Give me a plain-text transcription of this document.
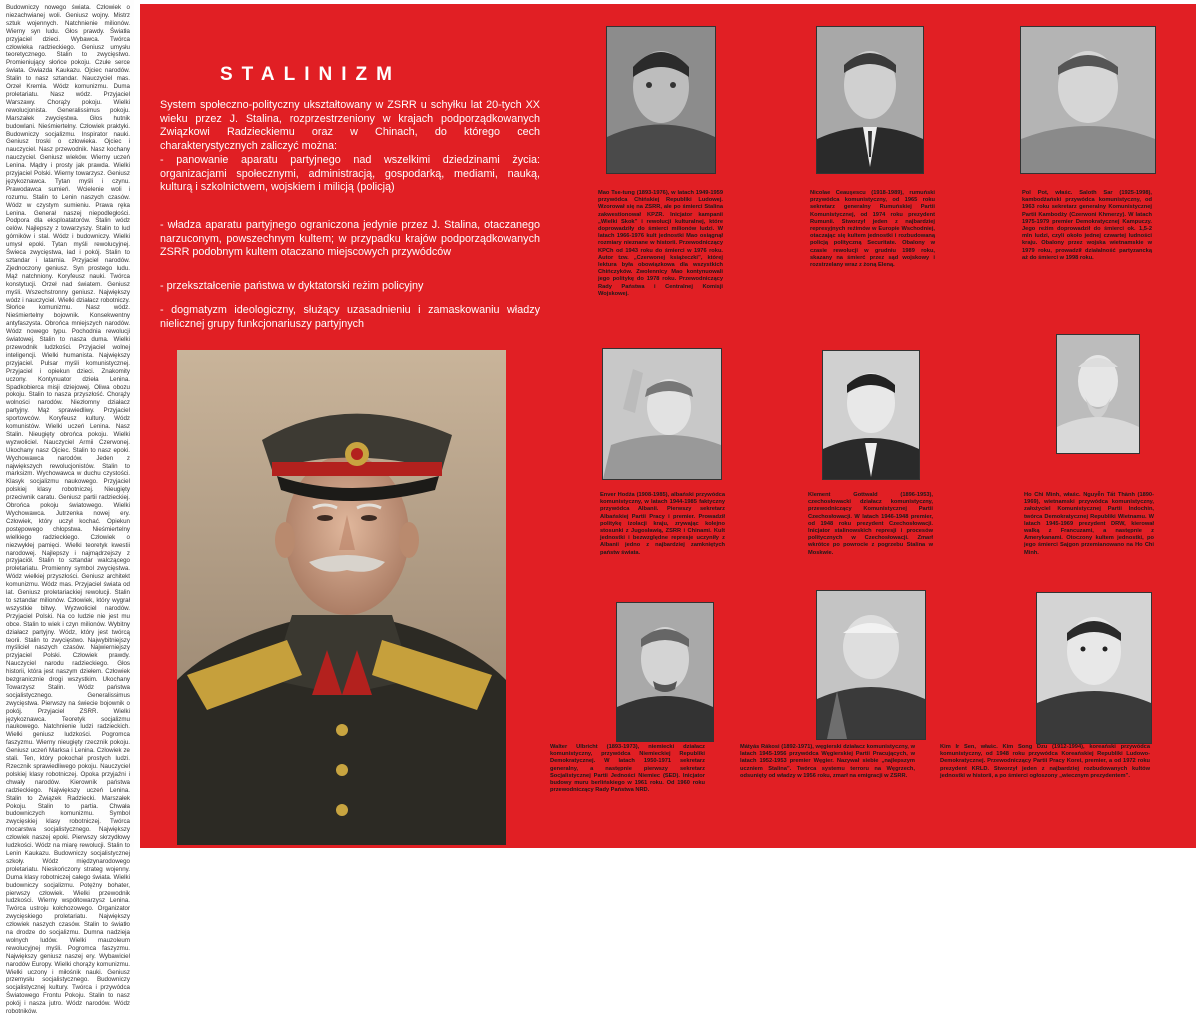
Budowniczy nowego świata. Człowiek o niezachwianej woli. Geniusz wojny. Mistrz sztuk wojennych. Natchnienie milionów. Wierny syn ludu. Głos prawdy. Światła przyjaciel dzieci. Wybawca. Twórca człowieka radzieckiego. Geniusz umysłu teoretycznego. Stalin to zwycięstwo. Promieniujący słońce pokoju. Czułe serce świata. Gwiazda Kaukazu. Ojciec narodów. Stalin to nasz sztandar. Nauczyciel mas. Orzeł Kremla. Wódz komunizmu. Duma proletariatu. Nasz wódz. Przyjaciel Warszawy. Chorąży pokoju. Wielki rewolucjonista. Generalissimus pokoju. Marszałek zwycięstwa. Głos hutnik budowlani. Nieśmiertelny. Człowiek praktyki. Budowniczy socjalizmu. Inspirator nauki. Geniusz troski o człowieka. Ojciec i nauczyciel. Nasz przewodnik. Nasz kochany nauczyciel. Geniusz wieków. Wierny uczeń Lenina. Mądry i prosty jak prawda. Wielki przyjaciel Polski. Wierny towarzysz. Geniusz językoznawca. Tytan myśli i czynu. Prawodawca sumień. Wcielenie woli i rozumu. Stalin to Lenin naszych czasów. Wódz w czystym sumieniu. Prawa ręka Lenina. Generał naszej niepodległości. Podpora dla eksploatatorów. Stalin wódz celów. Najlepszy z towarzyszy. Stalin to lud górników i stal. Wódz i budowniczy. Wielki umysł epoki. Tytan myśli rewolucyjnej. Świeca zwycięstwa, ład i pokój. Stalin to sztandar i latarnia. Przyjaciel narodów. Zjednoczony geniusz. Syn prostego ludu. Mąż natchniony. Koryfeusz nauki. Twórca konstytucji. Orzeł nad światem. Geniusz myśli. Wszechstronny geniusz. Największy wódz i nauczyciel. Wielki działacz robotniczy. Słońce komunizmu. Nasz wódz. Nieśmiertelny bojownik. Konsekwentny antyfaszysta. Obrońca mniejszych narodów. Wódz nowego typu. Pochodnia rewolucji światowej. Stalin to nasza duma. Wielki przewodnik ludzkości. Przyjaciel wolnej inteligencji. Wielki humanista. Największy przyjaciel. Pulsar myśli komunistycznej. Przyjaciel i opiekun dzieci. Znakomity uczony. Kontynuator dzieła Lenina. Spadkobierca misji dziejowej. Oliwa obozu pokoju. Stalin to nasza przyszłość. Chorąży wolności narodów. Niezłomny działacz partyjny. Mąż sprawiedliwy. Przyjaciel sportowców. Koryfeusz kultury. Wódz komunistów. Wielki uczeń Lenina. Nasz Stalin. Nieugięty obrońca pokoju. Wielki wyzwoliciel. Nauczyciel Armii Czerwonej. Ukochany nasz Ojciec. Stalin to nasz epoki. Wychowawca narodów. Jeden z największych rewolucjonistów. Stalin to marksizm. Wychowawca w duchu czystości. Klasyk socjalizmu naukowego. Przyjaciel polskiej klasy robotniczej. Nieugięty przeciwnik caratu. Geniusz partii radzieckiej. Obrońca pokoju światowego. Wielki Wychowawca. Jutrzenka nowej ery. Człowiek, który uczył kochać. Opiekun postępowego chłopstwa. Nieśmiertelny wielkiego radzieckiego. Człowiek o niezwykłej pamięci. Wielki teoretyk kwestii narodowej. Najlepszy i najmądrzejszy z przyjaciół. Stalin to sztandar walczącego proletariatu. Promienny symbol zwycięstwa. Wódz wielkiej przyszłości. Geniusz architekt komunizmu. Wódz mas. Przyjaciel świata od lat. Geniusz proletariackiej rewolucji. Stalin to sztandar milionów. Człowiek, który wygrał wszystkie bitwy. Wyzwoliciel narodów. Przyjaciel Polski. Na co ludzie nie jest mu obce. Stalin to wiek i czyn milionów. Wybitny działacz partyjny. Wódz, który jest twórcą teorii. Stalin to zwycięstwo. Najwybitniejszy myśliciel naszych czasów. Najwierniejszy przyjaciel Polski. Człowiek prawdy. Nauczyciel narodu radzieckiego. Głos historii, która jest naszym dziełem. Człowiek bezgranicznie drogi wszystkim. Ukochany Towarzysz Stalin. Wódz państwa socjalistycznego. Generalissimus zwycięstwa. Pierwszy na świecie bojownik o pokój. Przyjaciel ZSRR. Wielki językoznawca. Teoretyk socjalizmu naukowego. Natchnienie ludzi radzieckich. Wielki geniusz ludzkości. Pogromca faszyzmu. Wierny nieugięty rzecznik pokoju. Geniusz uczeń Marksa i Lenina. Człowiek ze stali. Ten, który pokochał prostych ludzi. Rzecznik sprawiedliwego pokoju. Nauczyciel polskiej klasy robotniczej. Opoka przyjaźni i chwały narodów. Kierownik państwa radzieckiego. Największy uczeń Lenina. Stalin to Związek Radziecki. Marszałek Pokoju. Stalin to partia. Chwała budowniczych komunizmu. Symbol zwycięskiej klasy robotniczej. Twórca mocarstwa socjalistycznego. Największy człowiek naszej epoki. Pierwszy skrzydłowy ludzkości. Wódz na miarę rewolucji. Stalin to Lenin Kaukazu. Budowniczy socjalistycznej szkoły. Wódz międzynarodowego proletariatu. Nieskończony strateg wojenny. Duma klasy robotniczej całego świata. Wielki budowniczy socjalizmu. Potężny bohater, pierwszy człowiek. Wielki przewodnik ludzkości. Wierny współtowarzysz Lenina. Twórca ustroju kołchozowego. Organizator zwycięskiego proletariatu. Największy człowiek naszych czasów. Stalin to światło na drodze do socjalizmu. Dumna nadzieja wolnych ludów. Wielki mauzoleum rewolucyjnej myśli. Pogromca faszyzmu. Największy geniusz naszej ery. Wybawiciel narodów Europy. Wielki chorąży komunizmu. Wielki uczony i miłośnik nauki. Geniusz przemysłu socjalistycznego. Budowniczy socjalistycznej kultury. Twórca i przywódca Światowego Frontu Pokoju. Stalin to nasz pokój i nasza jutro. Wódz narodów. Wódz robotników.
STALINIZM
System społeczno-polityczny ukształtowany w ZSRR u schyłku lat 20-tych XX wieku przez J. Stalina, rozprzestrzeniony w krajach podporządkowanych Związkowi Radzieckiemu oraz w Chinach, do którego cech charakterystycznych zaliczyć można:
- panowanie aparatu partyjnego nad wszelkimi dziedzinami życia: organizacjami społecznymi, administracją, gospodarką, mediami, nauką, kulturą i szkolnictwem, wojskiem i milicją (policją)
- władza aparatu partyjnego ograniczona jedynie przez J. Stalina, otaczanego narzuconym, powszechnym kultem; w przypadku krajów podporządkowanych ZSRR podobnym kultem otaczano miejscowych przywódców
- przekształcenie państwa w dyktatorski reżim policyjny
- dogmatyzm ideologiczny, służący uzasadnieniu i zamaskowaniu władzy nielicznej grupy funkcjonariuszy partyjnych
Mao Tse-tung (1893-1976), w latach 1949-1959 przywódca Chińskiej Republiki Ludowej. Wzorował się na ZSRR, ale po śmierci Stalina zakwestionował KPZR. Inicjator kampanii „Wielki Skok” i rewolucji kulturalnej, które doprowadziły do śmierci milionów ludzi. W latach 1966-1976 kult jednostki Mao osiągnął rozmiary nieznane w historii. Przewodniczący KPCh od 1943 roku do śmierci w 1976 roku. Autor tzw. „Czerwonej książeczki”, której lektura była obowiązkowa dla wszystkich Chińczyków. Zwolennicy Mao kontynuowali jego politykę do 1978 roku. Przewodniczący Rady Państwa i Centralnej Komisji Wojskowej.
Nicolae Ceauşescu (1918-1989), rumuński przywódca komunistyczny, od 1965 roku sekretarz generalny Rumuńskiej Partii Komunistycznej, od 1974 roku prezydent Rumunii. Stworzył jeden z najbardziej represyjnych reżimów w Europie Wschodniej, otaczając się kultem jednostki i rozbudowaną policją polityczną Securitate. Obalony w czasie rewolucji w grudniu 1989 roku, skazany na śmierć przez sąd wojskowy i rozstrzelany wraz z żoną Eleną.
Pol Pot, właśc. Saloth Sar (1925-1998), kambodżański przywódca komunistyczny, od 1963 roku sekretarz generalny Komunistycznej Partii Kambodży (Czerwoni Khmerzy). W latach 1975-1979 premier Demokratycznej Kampuczy. Jego reżim doprowadził do śmierci ok. 1,5-2 mln ludzi, czyli około jednej czwartej ludności kraju. Obalony przez wojska wietnamskie w 1979 roku, prowadził działalność partyzancką aż do śmierci w 1998 roku.
Enver Hodża (1908-1985), albański przywódca komunistyczny, w latach 1944-1985 faktyczny przywódca Albanii. Pierwszy sekretarz Albańskiej Partii Pracy i premier. Prowadził politykę izolacji kraju, zrywając kolejno stosunki z Jugosławią, ZSRR i Chinami. Kult jednostki i bezwzględne represje uczyniły z Albanii jedno z najbardziej zamkniętych państw świata.
Klement Gottwald (1896-1953), czechosłowacki działacz komunistyczny, przewodniczący Komunistycznej Partii Czechosłowacji. W latach 1946-1948 premier, od 1948 roku prezydent Czechosłowacji. Inicjator stalinowskich represji i procesów politycznych w Czechosłowacji. Zmarł wkrótce po powrocie z pogrzebu Stalina w Moskwie.
Ho Chi Minh, właśc. Nguyễn Tất Thành (1890-1969), wietnamski przywódca komunistyczny, założyciel Komunistycznej Partii Indochin, twórca Demokratycznej Republiki Wietnamu. W latach 1945-1969 prezydent DRW, kierował walką z Francuzami, a następnie z Amerykanami. Otoczony kultem jednostki, po jego śmierci Sajgon przemianowano na Ho Chi Minh.
Walter Ulbricht (1893-1973), niemiecki działacz komunistyczny, przywódca Niemieckiej Republiki Demokratycznej. W latach 1950-1971 sekretarz generalny, a następnie pierwszy sekretarz Socjalistycznej Partii Jedności Niemiec (SED). Inicjator budowy muru berlińskiego w 1961 roku. Od 1960 roku przewodniczący Rady Państwa NRD.
Mátyás Rákosi (1892-1971), węgierski działacz komunistyczny, w latach 1945-1956 przywódca Węgierskiej Partii Pracujących, w latach 1952-1953 premier Węgier. Nazywał siebie „najlepszym uczniem Stalina”. Twórca systemu terroru na Węgrzech, odsunięty od władzy w 1956 roku, zmarł na emigracji w ZSRR.
Kim Ir Sen, właśc. Kim Song Dzu (1912-1994), koreański przywódca komunistyczny, od 1948 roku przywódca Koreańskiej Republiki Ludowo-Demokratycznej. Przewodniczący Partii Pracy Korei, premier, a od 1972 roku prezydent KRLD. Stworzył jeden z najbardziej rozbudowanych kultów jednostki w historii, a po śmierci ogłoszony „wiecznym prezydentem”.
